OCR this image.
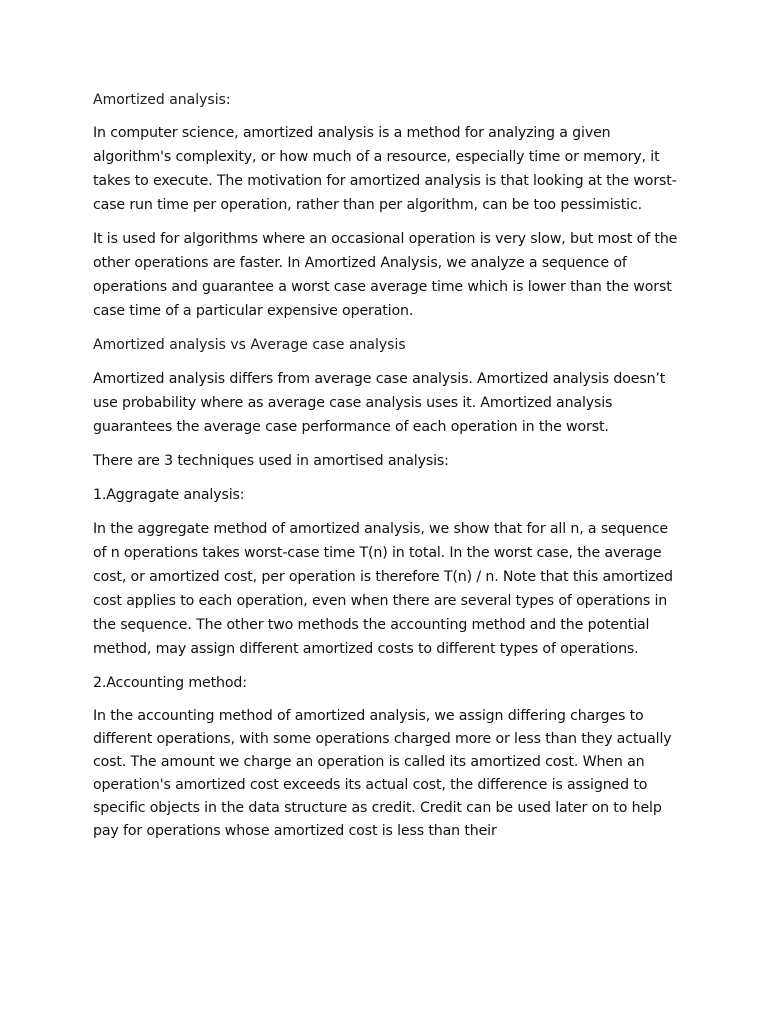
Amortized analysis:

In computer science, amortized analysis is a method for analyzing a given algorithm's complexity, or how much of a resource, especially time or memory, it takes to execute. The motivation for amortized analysis is that looking at the worst-case run time per operation, rather than per algorithm, can be too pessimistic.

It is used for algorithms where an occasional operation is very slow, but most of the other operations are faster. In Amortized Analysis, we analyze a sequence of operations and guarantee a worst case average time which is lower than the worst case time of a particular expensive operation.

Amortized analysis vs Average case analysis

Amortized analysis differs from average case analysis. Amortized analysis doesn’t use probability where as average case analysis uses it. Amortized analysis guarantees the average case performance of each operation in the worst.

There are 3 techniques used in amortised analysis:

1.Aggragate analysis:

In the aggregate method of amortized analysis, we show that for all n, a sequence of n operations takes worst-case time T(n) in total. In the worst case, the average cost, or amortized cost, per operation is therefore T(n) / n. Note that this amortized cost applies to each operation, even when there are several types of operations in the sequence. The other two methods the accounting method and the potential method, may assign different amortized costs to different types of operations.

2.Accounting method:

In the accounting method of amortized analysis, we assign differing charges to different operations, with some operations charged more or less than they actually cost. The amount we charge an operation is called its amortized cost. When an operation's amortized cost exceeds its actual cost, the difference is assigned to specific objects in the data structure as credit. Credit can be used later on to help pay for operations whose amortized cost is less than their
